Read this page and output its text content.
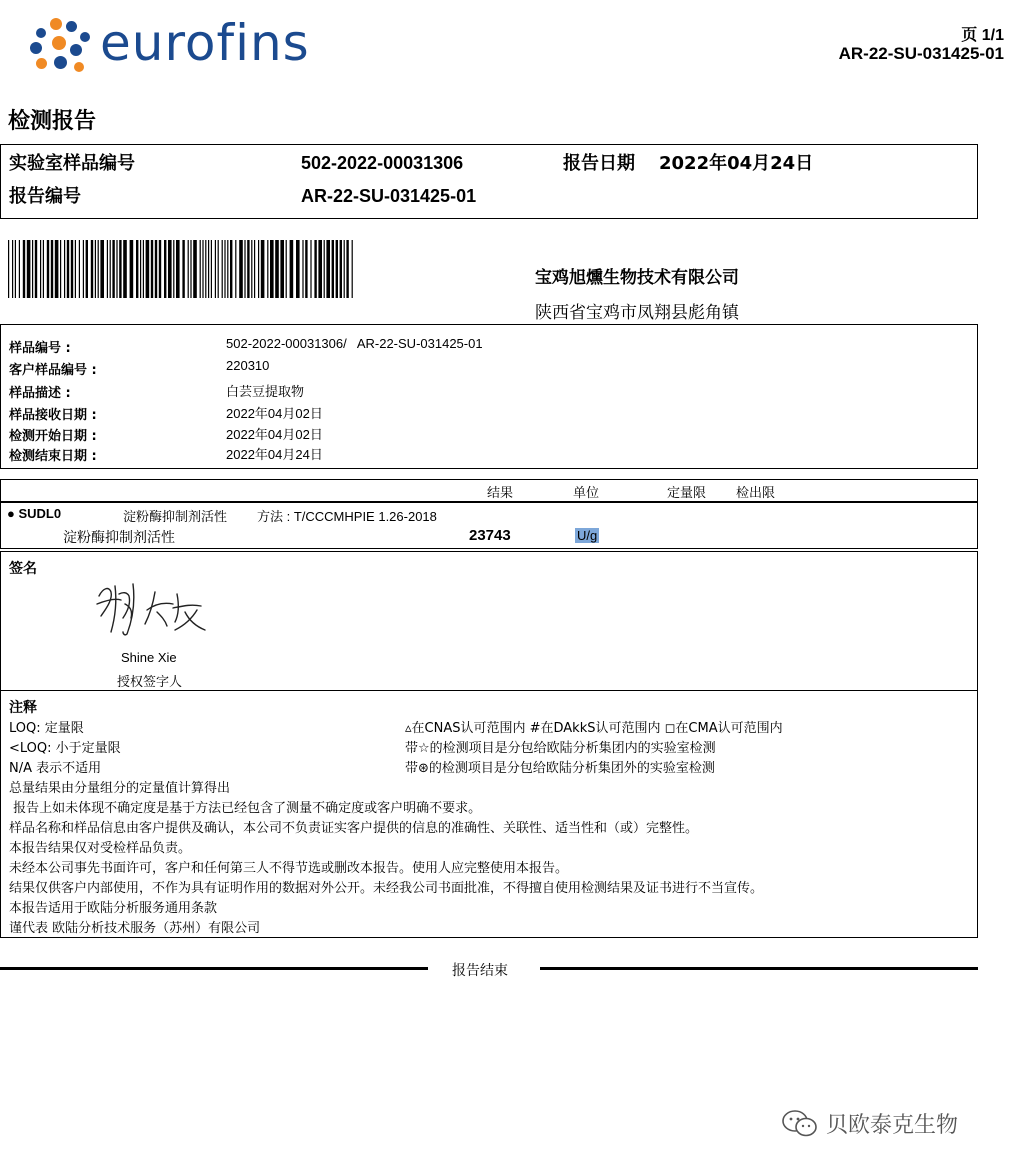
eurofins	页 1/1
AR-22-SU-031425-01
检测报告
实验室样品编号	502-2022-00031306	报告日期 2022年04月24日
报告编号	AR-22-SU-031425-01
宝鸡旭燻生物技术有限公司
陕西省宝鸡市凤翔县彪角镇
样品编号 :	502-2022-00031306/   AR-22-SU-031425-01
客户样品编号 :	220310
样品描述 :	白芸豆提取物
样品接收日期 :	2022年04月02日
检测开始日期 :	2022年04月02日
检测结束日期 :	2022年04月24日
结果	单位	定量限 检出限
● SUDL0	淀粉酶抑制剂活性 方法 : T/CCCMHPIE 1.26-2018
淀粉酶抑制剂活性	23743	U/g
签名
Shine Xie
授权签字人
注释
LOQ: 定量限
<LOQ: 小于定量限
N/A 表示不适用
▵在CNAS认可范围内 #在DAkkS认可范围内 ◻在CMA认可范围内
带☆的检测项目是分包给欧陆分析集团内的实验室检测
带⊛的检测项目是分包给欧陆分析集团外的实验室检测
总量结果由分量组分的定量值计算得出
报告上如未体现不确定度是基于方法已经包含了测量不确定度或客户明确不要求。
样品名称和样品信息由客户提供及确认，本公司不负责证实客户提供的信息的准确性、关联性、适当性和（或）完整性。
本报告结果仅对受检样品负责。
未经本公司事先书面许可，客户和任何第三人不得节选或删改本报告。使用人应完整使用本报告。
结果仅供客户内部使用，不作为具有证明作用的数据对外公开。未经我公司书面批准，不得擅自使用检测结果及证书进行不当宣传。
本报告适用于欧陆分析服务通用条款
谨代表 欧陆分析技术服务（苏州）有限公司
报告结束
贝欧泰克生物
